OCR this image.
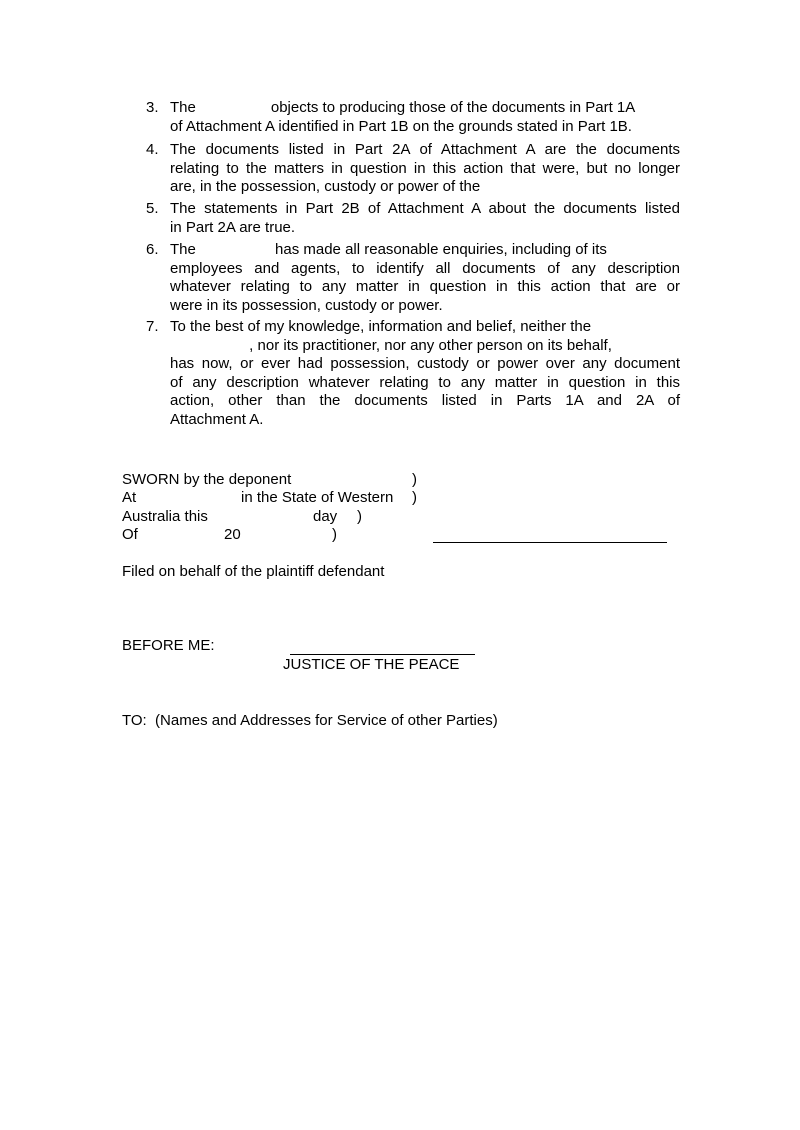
3. The                  objects to producing those of the documents in Part 1A
of Attachment A identified in Part 1B on the grounds stated in Part 1B.
4. The documents listed in Part 2A of Attachment A are the documents
relating to the matters in question in this action that were, but no longer
are, in the possession, custody or power of the
5. The statements in Part 2B of Attachment A about the documents listed
in Part 2A are true.
6. The                   has made all reasonable enquiries, including of its
employees and agents, to identify all documents of any description
whatever relating to any matter in question in this action that are or
were in its possession, custody or power.
7. To the best of my knowledge, information and belief, neither the
, nor its practitioner, nor any other person on its behalf,
has now, or ever had possession, custody or power over any document
of any description whatever relating to any matter in question in this
action, other than the documents listed in Parts 1A and 2A of
Attachment A.
SWORN by the deponent	)
At	in the State of Western )
Australia this	day )
Of	20	)
Filed on behalf of the plaintiff defendant
BEFORE ME:
JUSTICE OF THE PEACE
TO:  (Names and Addresses for Service of other Parties)
